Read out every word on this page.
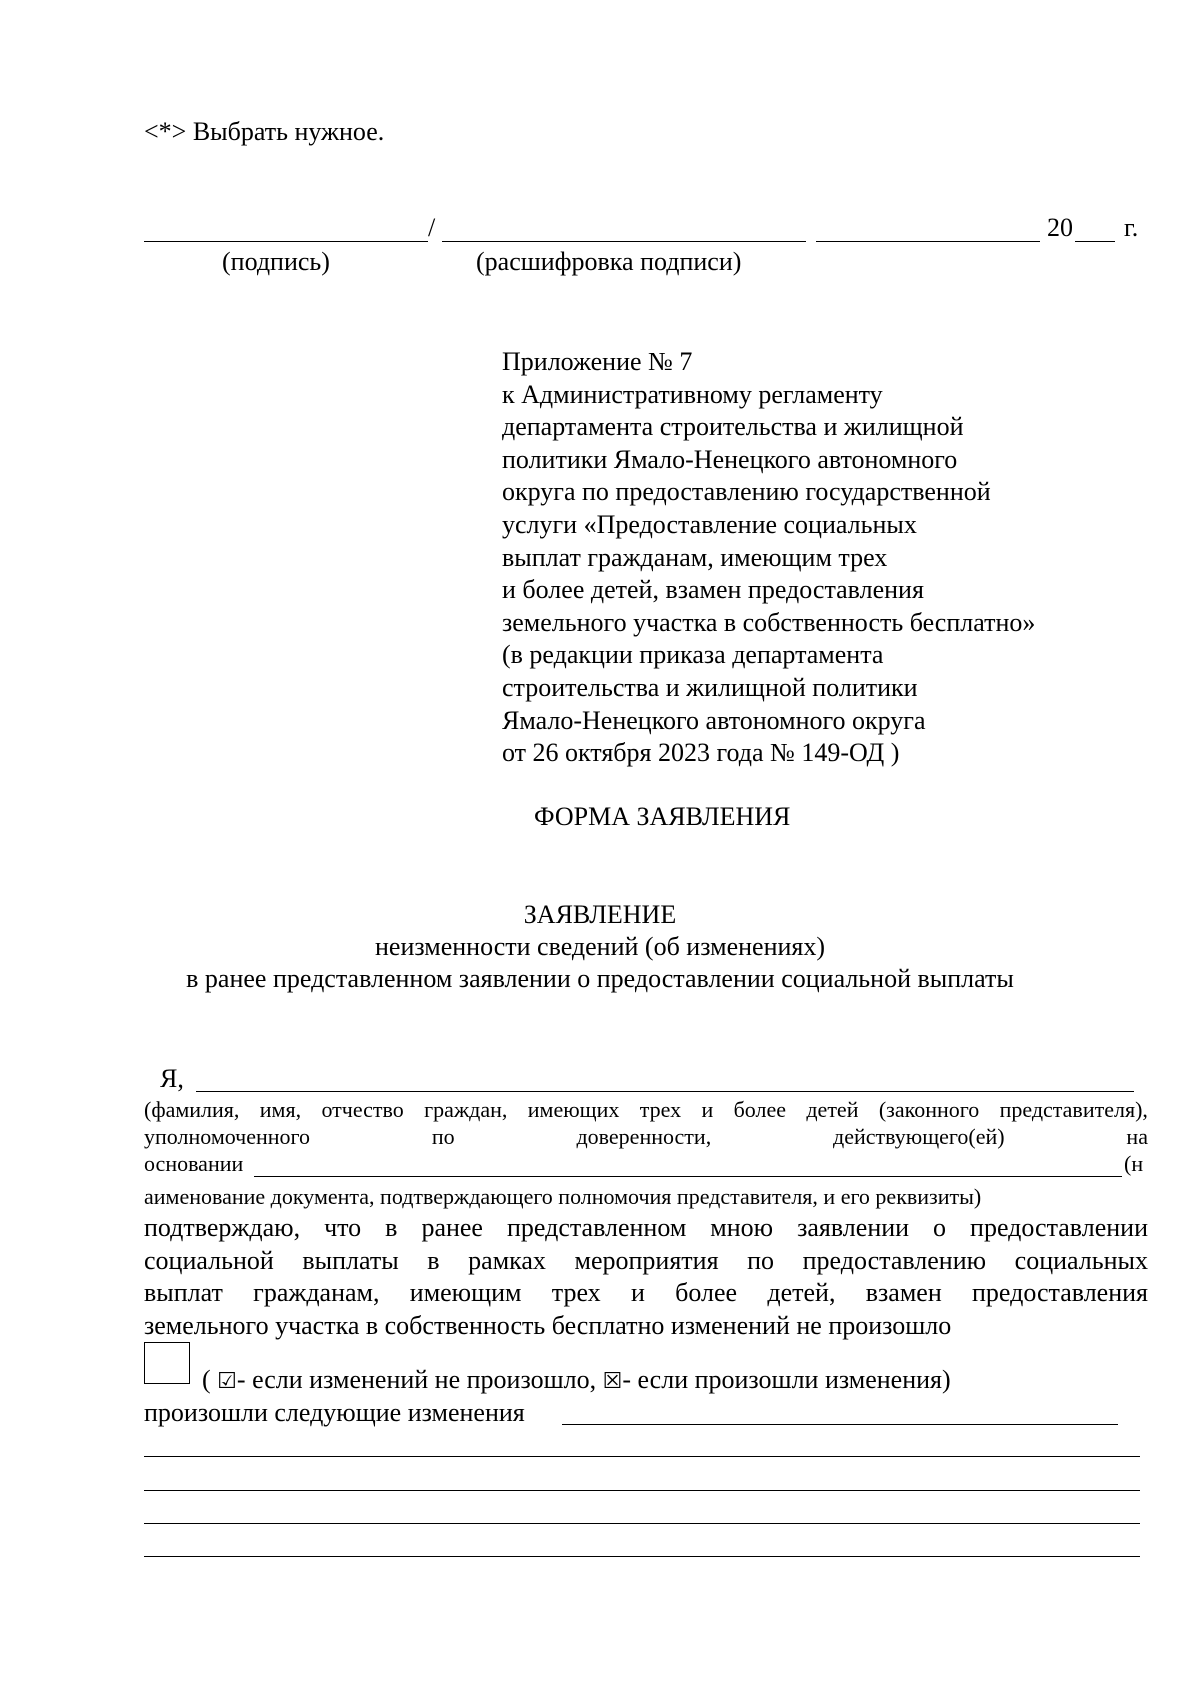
<*> Выбрать нужное.
/	20 г.
(подпись)	(расшифровка подписи)
Приложение № 7
к Административному регламенту
департамента строительства и жилищной
политики Ямало-Ненецкого автономного
округа по предоставлению государственной
услуги «Предоставление социальных
выплат гражданам, имеющим трех
и более детей, взамен предоставления
земельного участка в собственность бесплатно»
(в редакции приказа департамента
строительства и жилищной политики
Ямало-Ненецкого автономного округа
от 26 октября 2023 года № 149-ОД )
ФОРМА ЗАЯВЛЕНИЯ
ЗАЯВЛЕНИЕ
неизменности сведений (об изменениях)
в ранее представленном заявлении о предоставлении социальной выплаты
Я,
(фамилия, имя, отчество граждан, имеющих трех и более детей (законного представителя),
уполномоченного	по	доверенности,	действующего(ей)	на
основании	(н
аименование документа, подтверждающего полномочия представителя, и его реквизиты)
подтверждаю, что в ранее представленном мною заявлении о предоставлении
социальной выплаты в рамках мероприятия по предоставлению социальных
выплат гражданам, имеющим трех и более детей, взамен предоставления
земельного участка в собственность бесплатно изменений не произошло
( ☑- если изменений не произошло, ☒- если произошли изменения)
произошли следующие изменения
